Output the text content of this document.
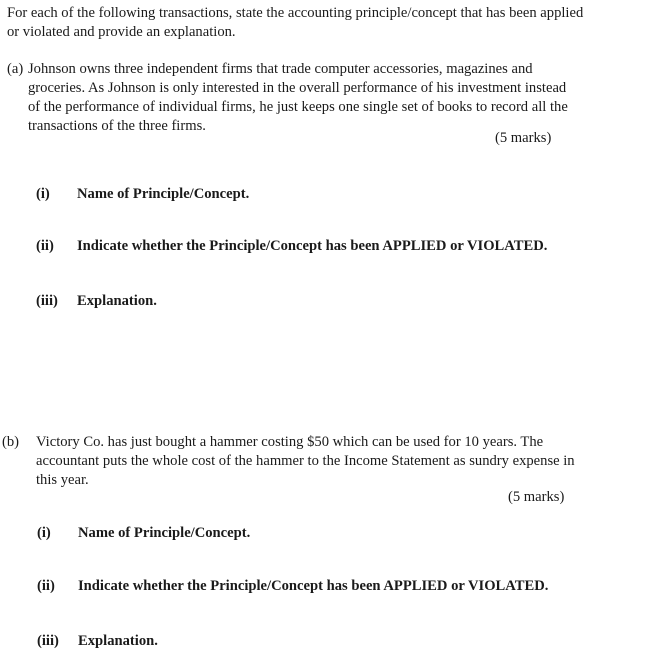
For each of the following transactions, state the accounting principle/concept that has been applied or violated and provide an explanation.
(a) Johnson owns three independent firms that trade computer accessories, magazines and groceries. As Johnson is only interested in the overall performance of his investment instead of the performance of individual firms, he just keeps one single set of books to record all the transactions of the three firms.
(5 marks)
(i) Name of Principle/Concept.
(ii) Indicate whether the Principle/Concept has been APPLIED or VIOLATED.
(iii) Explanation.
(b) Victory Co. has just bought a hammer costing $50 which can be used for 10 years. The accountant puts the whole cost of the hammer to the Income Statement as sundry expense in this year.
(5 marks)
(i) Name of Principle/Concept.
(ii) Indicate whether the Principle/Concept has been APPLIED or VIOLATED.
(iii) Explanation.
